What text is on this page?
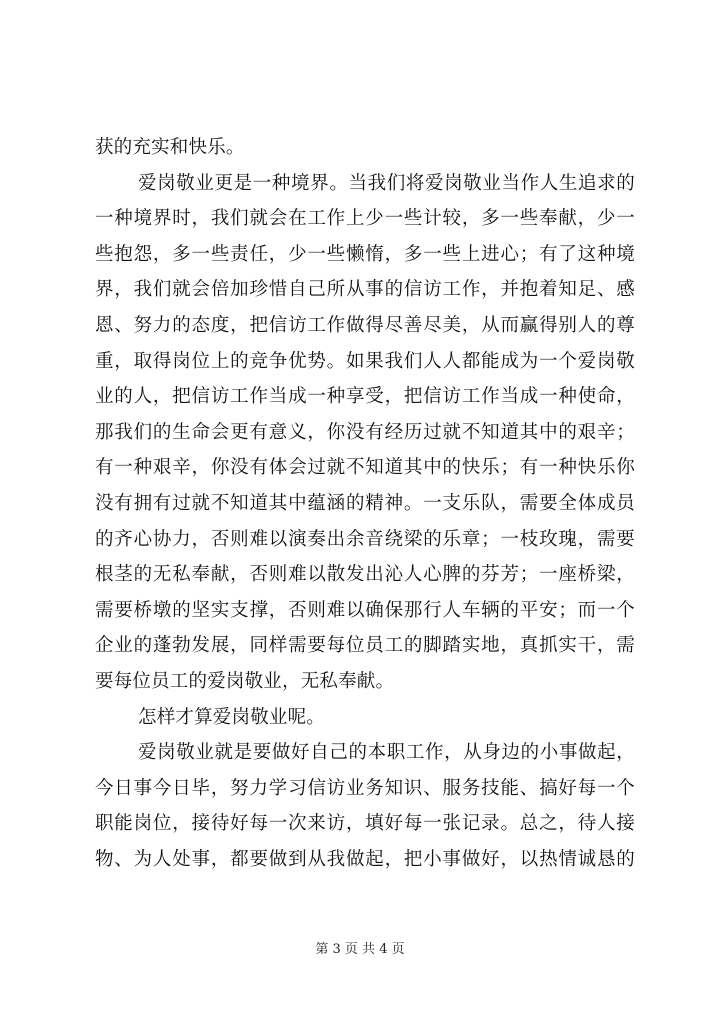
获的充实和快乐。
爱岗敬业更是一种境界。当我们将爱岗敬业当作人生追求的
一种境界时，我们就会在工作上少一些计较，多一些奉献，少一
些抱怨，多一些责任，少一些懒惰，多一些上进心；有了这种境
界，我们就会倍加珍惜自己所从事的信访工作，并抱着知足、感
恩、努力的态度，把信访工作做得尽善尽美，从而赢得别人的尊
重，取得岗位上的竞争优势。如果我们人人都能成为一个爱岗敬
业的人，把信访工作当成一种享受，把信访工作当成一种使命，
那我们的生命会更有意义，你没有经历过就不知道其中的艰辛；
有一种艰辛，你没有体会过就不知道其中的快乐；有一种快乐你
没有拥有过就不知道其中蕴涵的精神。一支乐队，需要全体成员
的齐心协力，否则难以演奏出余音绕梁的乐章；一枝玫瑰，需要
根茎的无私奉献，否则难以散发出沁人心脾的芬芳；一座桥梁，
需要桥墩的坚实支撑，否则难以确保那行人车辆的平安；而一个
企业的蓬勃发展，同样需要每位员工的脚踏实地，真抓实干，需
要每位员工的爱岗敬业，无私奉献。
怎样才算爱岗敬业呢。
爱岗敬业就是要做好自己的本职工作，从身边的小事做起，
今日事今日毕，努力学习信访业务知识、服务技能、搞好每一个
职能岗位，接待好每一次来访，填好每一张记录。总之，待人接
物、为人处事，都要做到从我做起，把小事做好，以热情诚恳的
第 3 页 共 4 页
